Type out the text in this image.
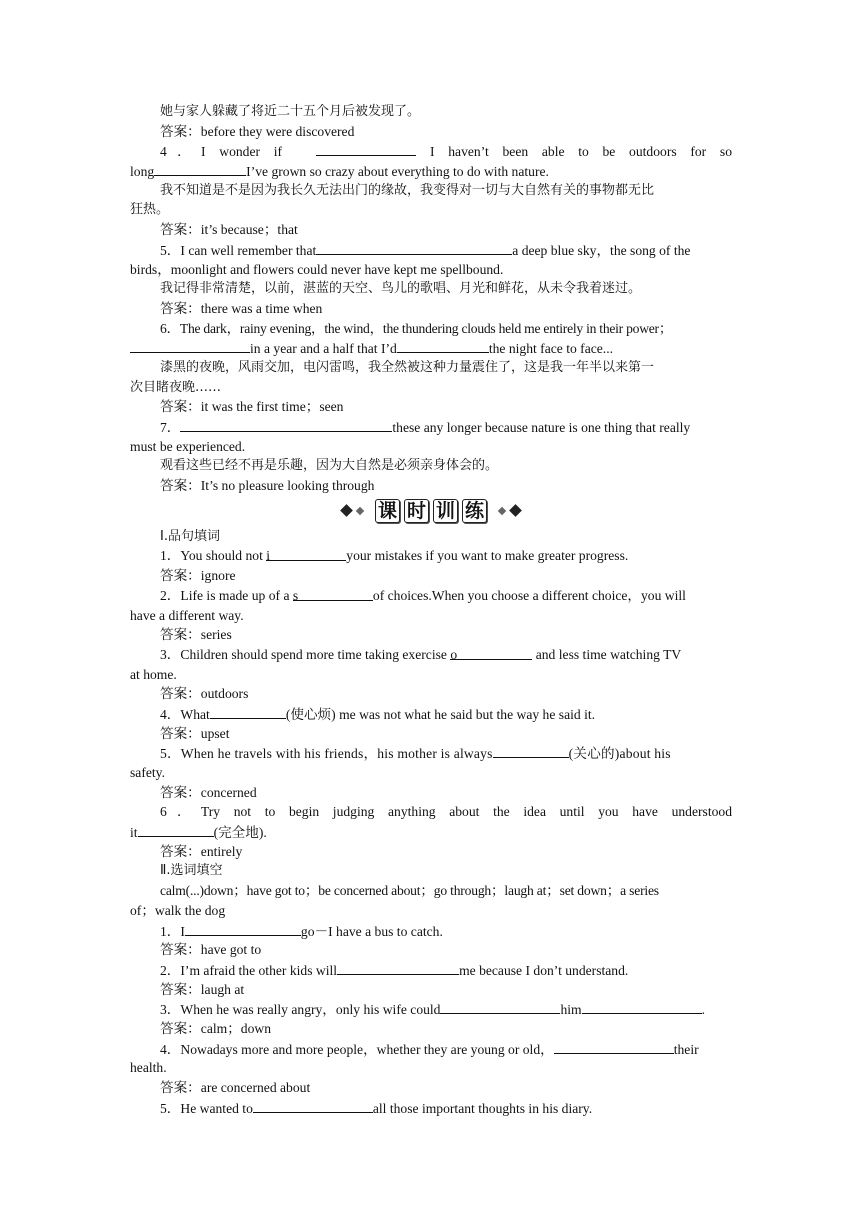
她与家人躲藏了将近二十五个月后被发现了。
答案：before they were discovered
4．I wonder if　	I haven’t been able to be outdoors for so
long	I’ve grown so crazy about everything to do with nature.
我不知道是不是因为我长久无法出门的缘故，我变得对一切与大自然有关的事物都无比
狂热。
答案：it’s because；that
5．I can well remember that	a deep blue sky，the song of the
birds，moonlight and flowers could never have kept me spellbound.
我记得非常清楚，以前，湛蓝的天空、鸟儿的歌唱、月光和鲜花，从未令我着迷过。
答案：there was a time when
6．The dark，rainy evening，the wind，the thundering clouds held me entirely in their power；
in a year and a half that I’d	the night face to face...
漆黑的夜晚，风雨交加，电闪雷鸣，我全然被这种力量震住了，这是我一年半以来第一
次目睹夜晚……
答案：it was the first time；seen
7．	these any longer because nature is one thing that really
must be experienced.
观看这些已经不再是乐趣，因为大自然是必须亲身体会的。
答案：It’s no pleasure looking through
课 时 训 练
Ⅰ.品句填词
1．You should not i	your mistakes if you want to make greater progress.
答案：ignore
2．Life is made up of a s	of choices.When you choose a different choice，you will
have a different way.
答案：series
3．Children should spend more time taking exercise o	and less time watching TV
at home.
答案：outdoors
4．What	(使心烦) me was not what he said but the way he said it.
答案：upset
5．When he travels with his friends，his mother is always	(关心的)about his
safety.
答案：concerned
6．Try not to begin judging anything about the idea until you have understood
it	(完全地).
答案：entirely
Ⅱ.选词填空
calm(...)down；have got to；be concerned about；go through；laugh at；set down；a series
of；walk the dog
1．I	go－I have a bus to catch.
答案：have got to
2．I’m afraid the other kids will	me because I don’t understand.
答案：laugh at
3．When he was really angry，only his wife could	him	.
答案：calm；down
4．Nowadays more and more people，whether they are young or old，	their
health.
答案：are concerned about
5．He wanted to	all those important thoughts in his diary.
